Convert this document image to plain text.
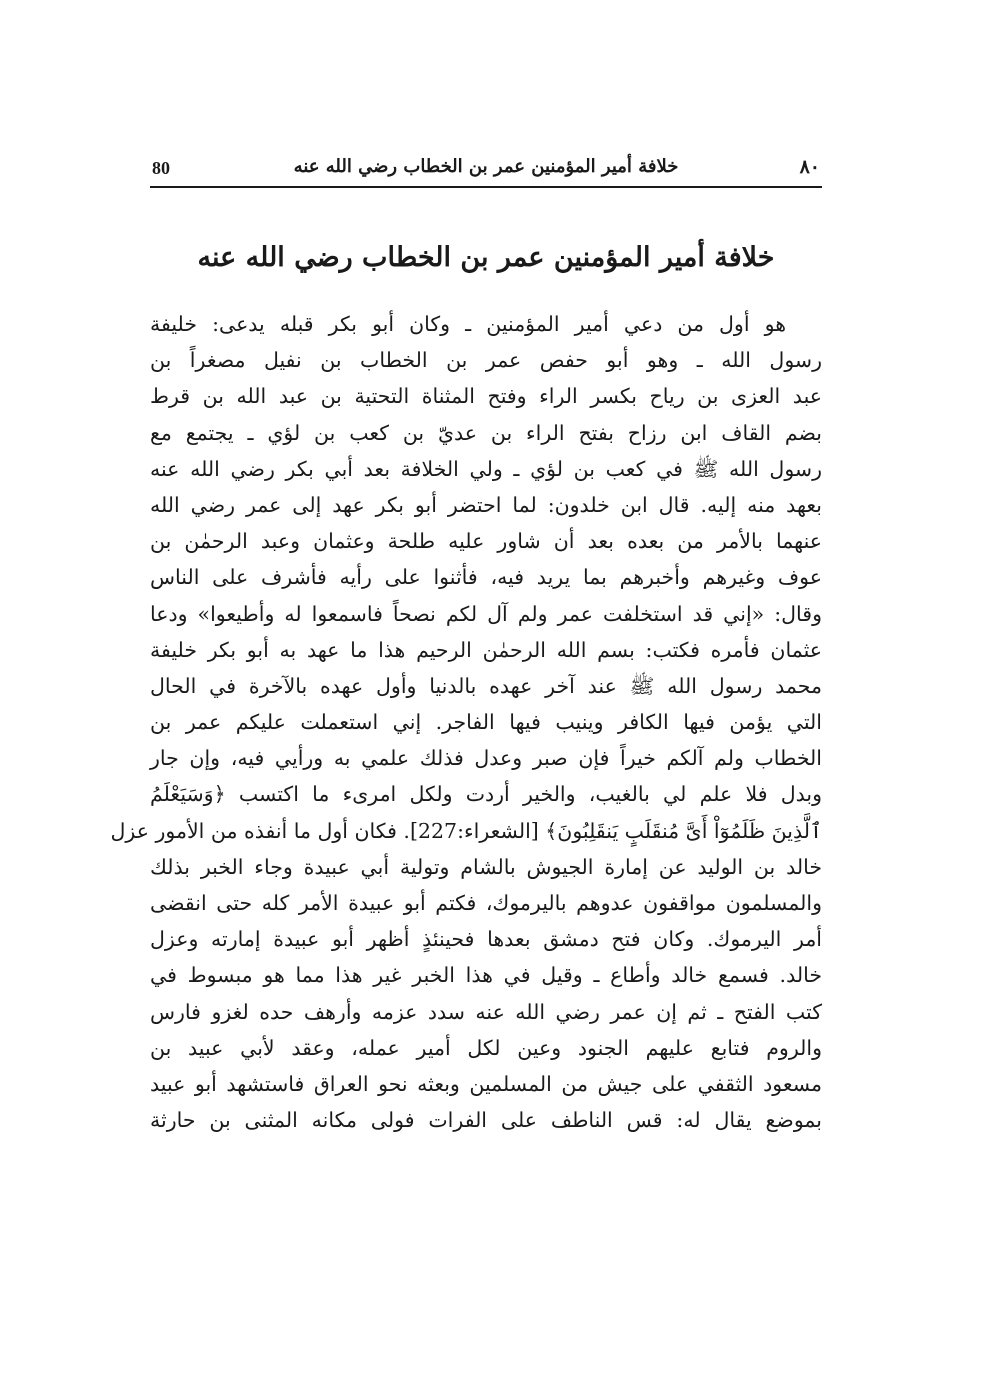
80	خلافة أمير المؤمنين عمر بن الخطاب رضي الله عنه	٨٠
خلافة أمير المؤمنين عمر بن الخطاب رضي الله عنه
هو أول من دعي أمير المؤمنين ـ وكان أبو بكر قبله يدعى: خليفة
رسول الله ـ وهو أبو حفص عمر بن الخطاب بن نفيل مصغراً بن
عبد العزى بن رياح بكسر الراء وفتح المثناة التحتية بن عبد الله بن قرط
بضم القاف ابن رزاح بفتح الراء بن عديّ بن كعب بن لؤي ـ يجتمع مع
رسول الله ﷺ في كعب بن لؤي ـ ولي الخلافة بعد أبي بكر رضي الله عنه
بعهد منه إليه. قال ابن خلدون: لما احتضر أبو بكر عهد إلى عمر رضي الله
عنهما بالأمر من بعده بعد أن شاور عليه طلحة وعثمان وعبد الرحمٰن بن
عوف وغيرهم وأخبرهم بما يريد فيه، فأثنوا على رأيه فأشرف على الناس
وقال: «إني قد استخلفت عمر ولم آل لكم نصحاً فاسمعوا له وأطيعوا» ودعا
عثمان فأمره فكتب: بسم الله الرحمٰن الرحيم هذا ما عهد به أبو بكر خليفة
محمد رسول الله ﷺ عند آخر عهده بالدنيا وأول عهده بالآخرة في الحال
التي يؤمن فيها الكافر وينيب فيها الفاجر. إني استعملت عليكم عمر بن
الخطاب ولم آلكم خيراً فإن صبر وعدل فذلك علمي به ورأيي فيه، وإن جار
وبدل فلا علم لي بالغيب، والخير أردت ولكل امرىء ما اكتسب ﴿وَسَيَعْلَمُ
ٱلَّذِينَ ظَلَمُوٓاْ أَىَّ مُنقَلَبٍ يَنقَلِبُونَ﴾ [الشعراء:227]. فكان أول ما أنفذه من الأمور عزل
خالد بن الوليد عن إمارة الجيوش بالشام وتولية أبي عبيدة وجاء الخبر بذلك
والمسلمون مواقفون عدوهم باليرموك، فكتم أبو عبيدة الأمر كله حتى انقضى
أمر اليرموك. وكان فتح دمشق بعدها فحينئذٍ أظهر أبو عبيدة إمارته وعزل
خالد. فسمع خالد وأطاع ـ وقيل في هذا الخبر غير هذا مما هو مبسوط في
كتب الفتح ـ ثم إن عمر رضي الله عنه سدد عزمه وأرهف حده لغزو فارس
والروم فتابع عليهم الجنود وعين لكل أمير عمله، وعقد لأبي عبيد بن
مسعود الثقفي على جيش من المسلمين وبعثه نحو العراق فاستشهد أبو عبيد
بموضع يقال له: قس الناطف على الفرات فولى مكانه المثنى بن حارثة
